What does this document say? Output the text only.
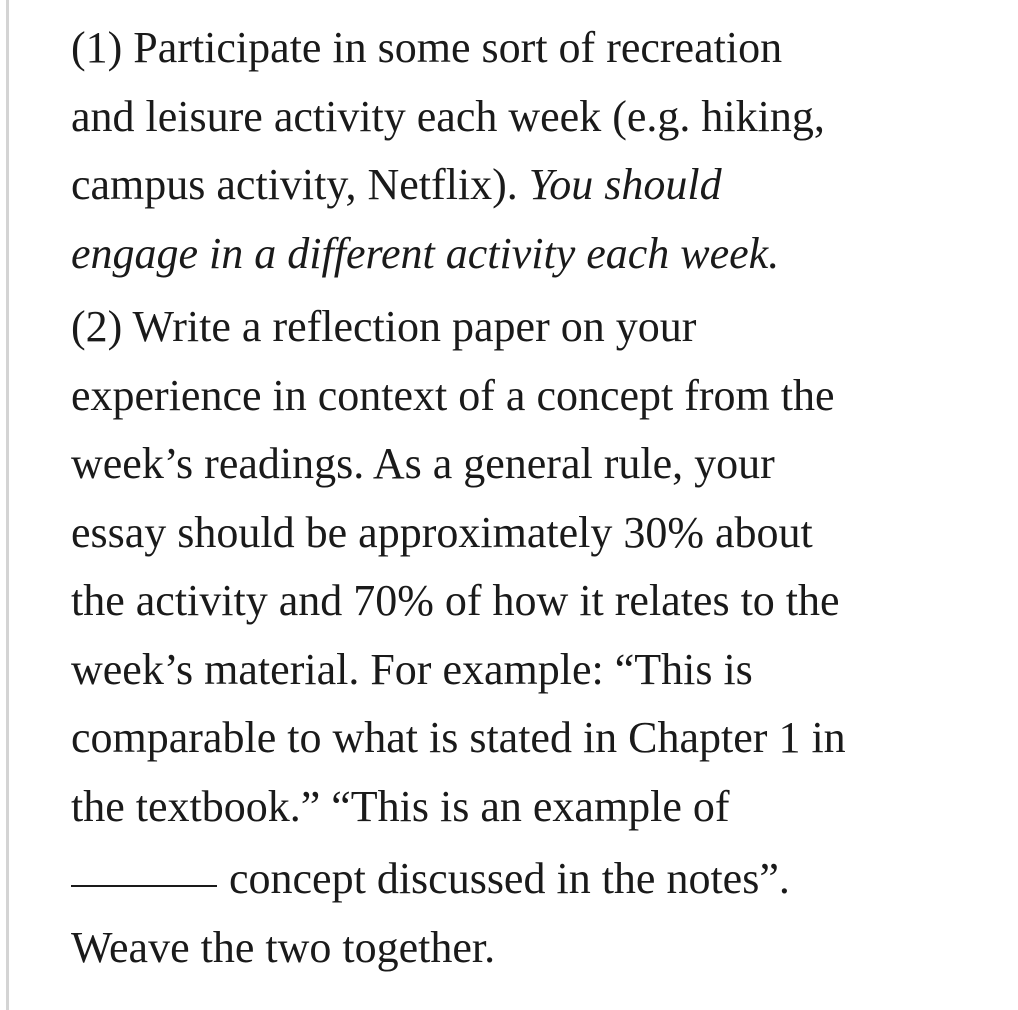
(1) Participate in some sort of recreation
and leisure activity each week (e.g. hiking,
campus activity, Netflix). You should
engage in a different activity each week.

(2) Write a reflection paper on your
experience in context of a concept from the
week’s readings. As a general rule, your
essay should be approximately 30% about
the activity and 70% of how it relates to the
week’s material. For example: “This is
comparable to what is stated in Chapter 1 in
the textbook.” “This is an example of
concept discussed in the notes”.
Weave the two together.
